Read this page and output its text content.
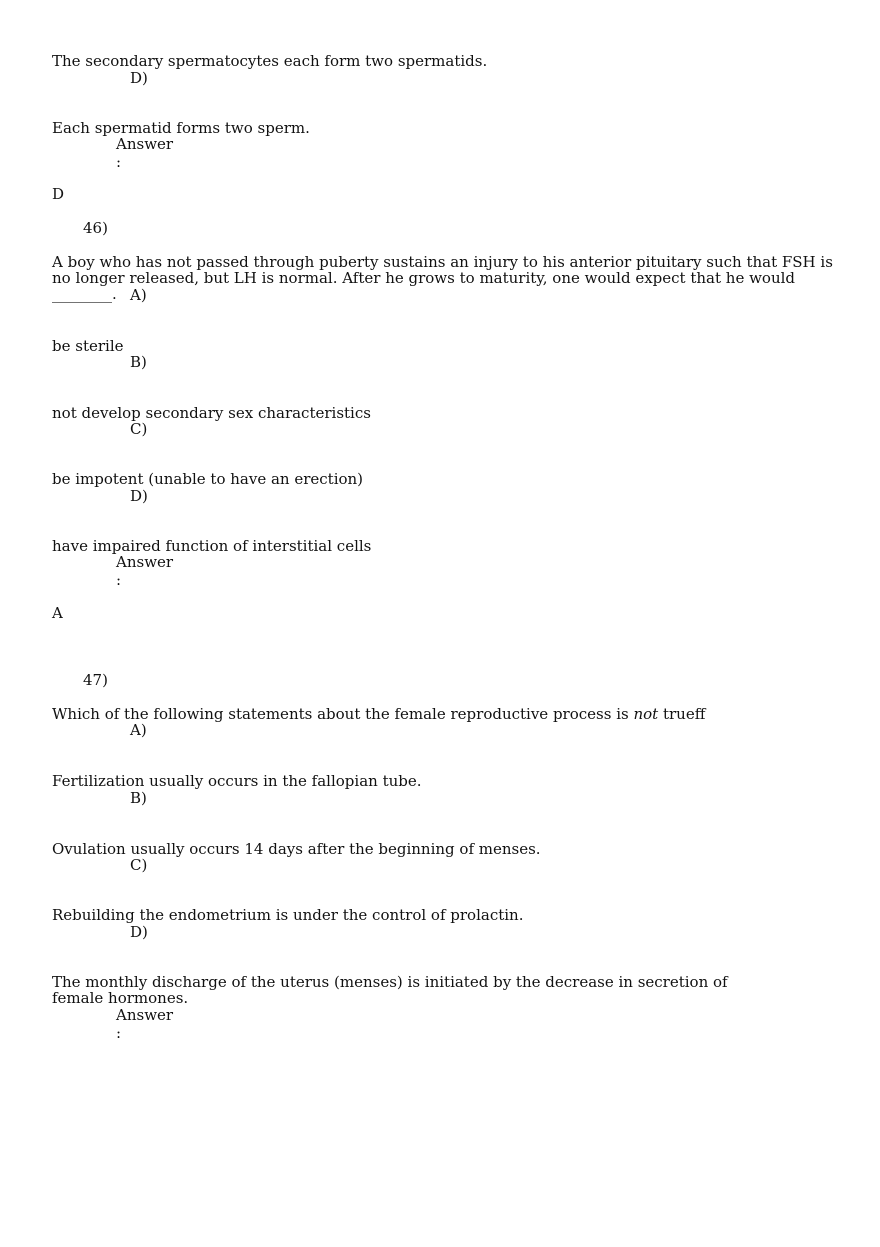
The secondary spermatocytes each form two spermatids.
D)
Each spermatid forms two sperm.
Answer
:
D
46)
A boy who has not passed through puberty sustains an injury to his anterior pituitary such that FSH is no longer released, but LH is normal. After he grows to maturity, one would expect that he would ________. A)
be sterile
B)
not develop secondary sex characteristics
C)
be impotent (unable to have an erection)
D)
have impaired function of interstitial cells
Answer
:
A
47)
Which of the following statements about the female reproductive process is not trueff
A)
Fertilization usually occurs in the fallopian tube.
B)
Ovulation usually occurs 14 days after the beginning of menses.
C)
Rebuilding the endometrium is under the control of prolactin.
D)
The monthly discharge of the uterus (menses) is initiated by the decrease in secretion of female hormones.
Answer
:
